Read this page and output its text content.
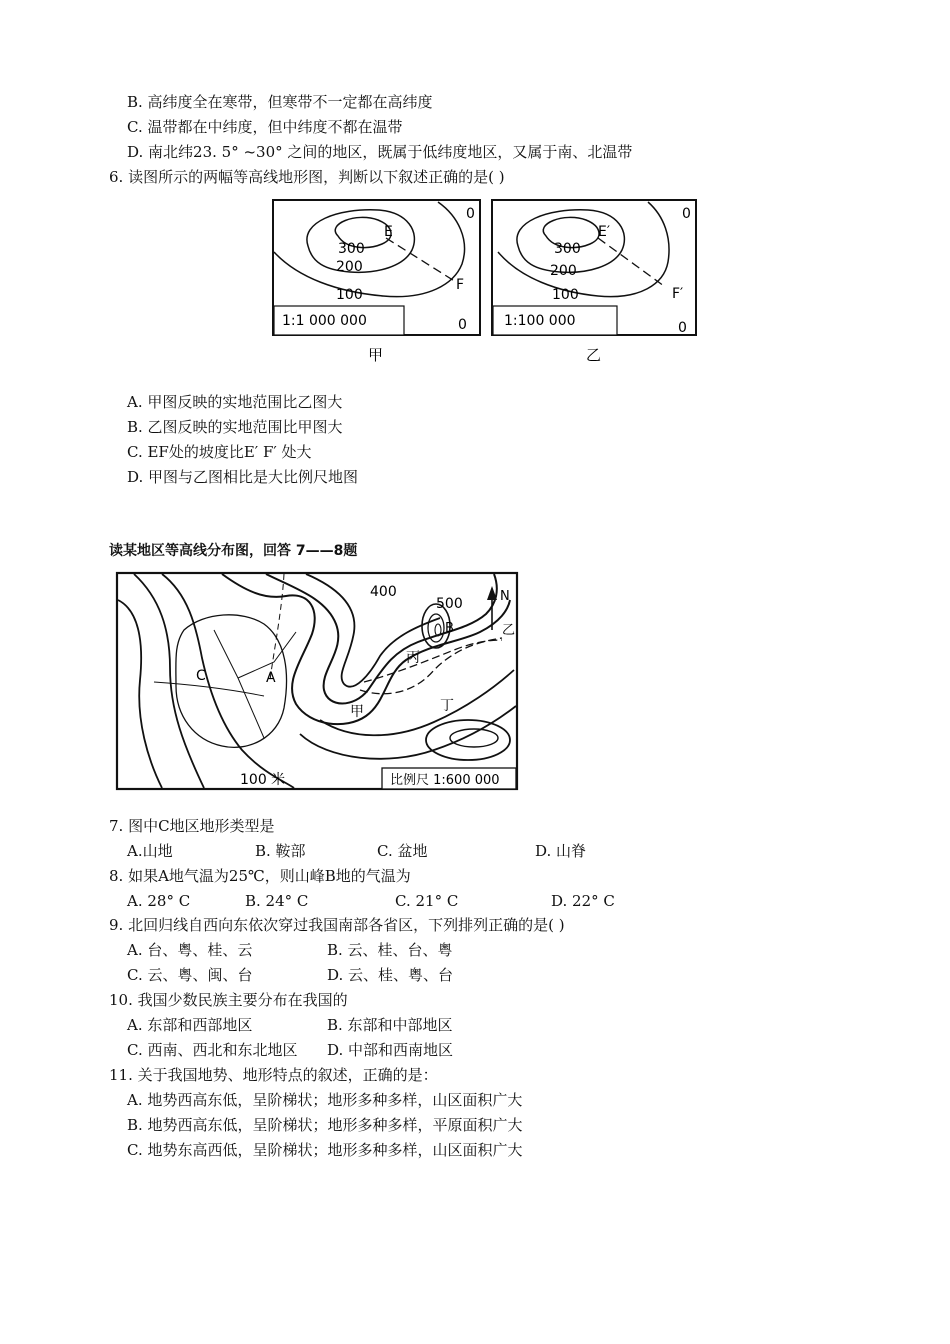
B. 高纬度全在寒带，但寒带不一定都在高纬度
C. 温带都在中纬度，但中纬度不都在温带
D. 南北纬23. 5° ~30° 之间的地区，既属于低纬度地区，又属于南、北温带
6. 读图所示的两幅等高线地形图，判断以下叙述正确的是( )
300
200
100
E
F
0
0
1:1 000 000
甲
300
200
100
E′
F′
0
0
1:100 000
乙
A. 甲图反映的实地范围比乙图大
B. 乙图反映的实地范围比甲图大
C. EF处的坡度比E′ F′ 处大
D. 甲图与乙图相比是大比例尺地图
读某地区等高线分布图，回答 7——8题
400
500	N
B
丙
乙
C	A
甲	丁
100 米	比例尺 1:600 000
7. 图中C地区地形类型是
A.山地	B. 鞍部	C. 盆地	D. 山脊
8. 如果A地气温为25℃，则山峰B地的气温为
A. 28° C	B. 24° C	C. 21° C	D. 22° C
9. 北回归线自西向东依次穿过我国南部各省区，下列排列正确的是( )
A. 台、粤、桂、云	B. 云、桂、台、粤
C. 云、粤、闽、台	D. 云、桂、粤、台
10. 我国少数民族主要分布在我国的
A. 东部和西部地区	B. 东部和中部地区
C. 西南、西北和东北地区 D. 中部和西南地区
11. 关于我国地势、地形特点的叙述，正确的是：
A. 地势西高东低，呈阶梯状；地形多种多样，山区面积广大
B. 地势西高东低，呈阶梯状；地形多种多样，平原面积广大
C. 地势东高西低，呈阶梯状；地形多种多样，山区面积广大
